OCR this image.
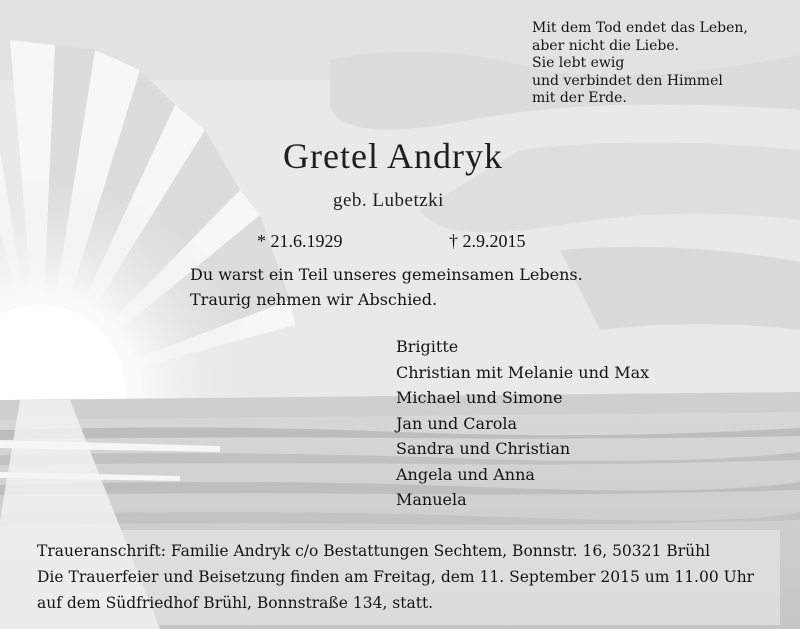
Mit dem Tod endet das Leben,
aber nicht die Liebe.
Sie lebt ewig
und verbindet den Himmel
mit der Erde.
Gretel Andryk
geb. Lubetzki
* 21.6.1929	† 2.9.2015
Du warst ein Teil unseres gemeinsamen Lebens.
Traurig nehmen wir Abschied.
Brigitte
Christian mit Melanie und Max
Michael und Simone
Jan und Carola
Sandra und Christian
Angela und Anna
Manuela
Traueranschrift: Familie Andryk c/o Bestattungen Sechtem, Bonnstr. 16, 50321 Brühl
Die Trauerfeier und Beisetzung finden am Freitag, dem 11. September 2015 um 11.00 Uhr
auf dem Südfriedhof Brühl, Bonnstraße 134, statt.
